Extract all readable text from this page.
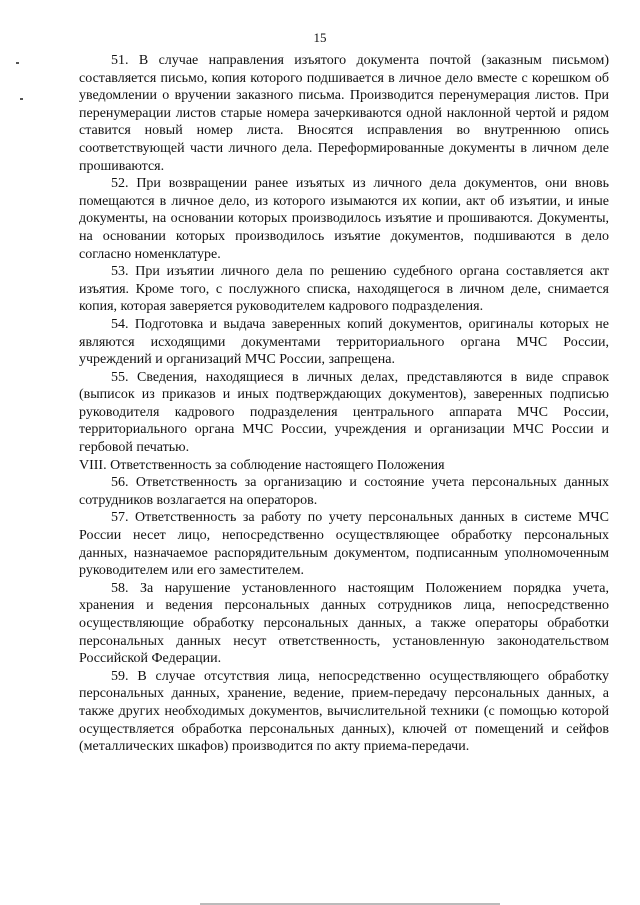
15

51. В случае направления изъятого документа почтой (заказным письмом) составляется письмо, копия которого подшивается в личное дело вместе с корешком об уведомлении о вручении заказного письма. Производится перенумерация листов. При перенумерации листов старые номера зачеркиваются одной наклонной чертой и рядом ставится новый номер листа. Вносятся исправления во внутреннюю опись соответствующей части личного дела. Переформированные документы в личном деле прошиваются.

52. При возвращении ранее изъятых из личного дела документов, они вновь помещаются в личное дело, из которого изымаются их копии, акт об изъятии, и иные документы, на основании которых производилось изъятие и прошиваются. Документы, на основании которых производилось изъятие документов, подшиваются в дело согласно номенклатуре.

53. При изъятии личного дела по решению судебного органа составляется акт изъятия. Кроме того, с послужного списка, находящегося в личном деле, снимается копия, которая заверяется руководителем кадрового подразделения.

54. Подготовка и выдача заверенных копий документов, оригиналы которых не являются исходящими документами территориального органа МЧС России, учреждений и организаций МЧС России, запрещена.

55. Сведения, находящиеся в личных делах, представляются в виде справок (выписок из приказов и иных подтверждающих документов), заверенных подписью руководителя кадрового подразделения центрального аппарата МЧС России, территориального органа МЧС России, учреждения и организации МЧС России и гербовой печатью.

VIII. Ответственность за соблюдение настоящего Положения

56. Ответственность за организацию и состояние учета персональных данных сотрудников возлагается на операторов.

57. Ответственность за работу по учету персональных данных в системе МЧС России несет лицо, непосредственно осуществляющее обработку персональных данных, назначаемое распорядительным документом, подписанным уполномоченным руководителем или его заместителем.

58. За нарушение установленного настоящим Положением порядка учета, хранения и ведения персональных данных сотрудников лица, непосредственно осуществляющие обработку персональных данных, а также операторы обработки персональных данных несут ответственность, установленную законодательством Российской Федерации.

59. В случае отсутствия лица, непосредственно осуществляющего обработку персональных данных, хранение, ведение, прием-передачу персональных данных, а также других необходимых документов, вычислительной техники (с помощью которой осуществляется обработка персональных данных), ключей от помещений и сейфов (металлических шкафов) производится по акту приема-передачи.
